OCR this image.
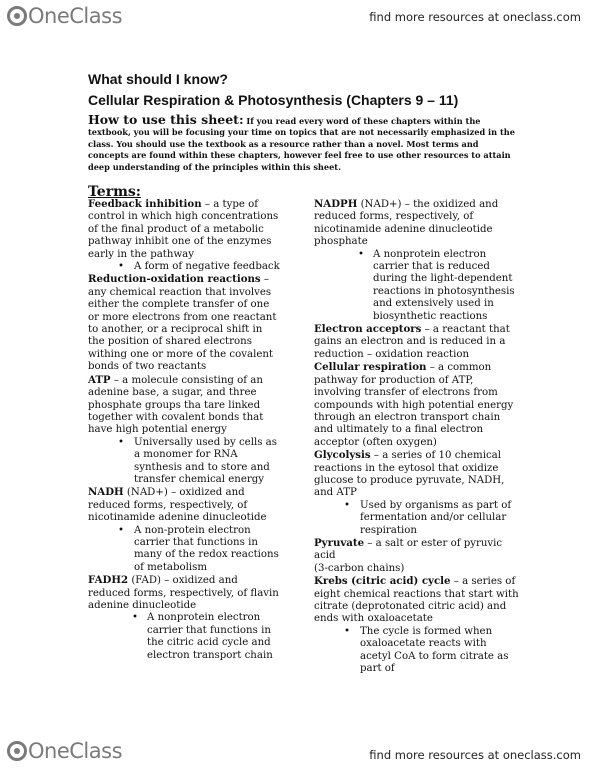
OneClass	find more resources at oneclass.com

What should I know?

Cellular Respiration & Photosynthesis (Chapters 9 – 11)

How to use this sheet: If you read every word of these chapters within the textbook, you will be focusing your time on topics that are not necessarily emphasized in the class. You should use the textbook as a resource rather than a novel. Most terms and concepts are found within these chapters, however feel free to use other resources to attain deep understanding of the principles within this sheet.

Terms:

Feedback inhibition – a type of control in which high concentrations of the final product of a metabolic pathway inhibit one of the enzymes early in the pathway

• A form of negative feedback

Reduction-oxidation reactions – any chemical reaction that involves either the complete transfer of one or more electrons from one reactant to another, or a reciprocal shift in the position of shared electrons withing one or more of the covalent bonds of two reactants

ATP – a molecule consisting of an adenine base, a sugar, and three phosphate groups tha tare linked together with covalent bonds that have high potential energy

• Universally used by cells as a monomer for RNA synthesis and to store and transfer chemical energy

NADH (NAD+) – oxidized and reduced forms, respectively, of nicotinamide adenine dinucleotide

• A non-protein electron carrier that functions in many of the redox reactions of metabolism

FADH2 (FAD) – oxidized and reduced forms, respectively, of flavin adenine dinucleotide

• A nonprotein electron carrier that functions in the citric acid cycle and electron transport chain

NADPH (NAD+) – the oxidized and reduced forms, respectively, of nicotinamide adenine dinucleotide phosphate

• A nonprotein electron carrier that is reduced during the light-dependent reactions in photosynthesis and extensively used in biosynthetic reactions

Electron acceptors – a reactant that gains an electron and is reduced in a reduction – oxidation reaction

Cellular respiration – a common pathway for production of ATP, involving transfer of electrons from compounds with high potential energy through an electron transport chain and ultimately to a final electron acceptor (often oxygen)

Glycolysis – a series of 10 chemical reactions in the eytosol that oxidize glucose to produce pyruvate, NADH, and ATP

• Used by organisms as part of fermentation and/or cellular respiration

Pyruvate – a salt or ester of pyruvic acid

(3-carbon chains)

Krebs (citric acid) cycle – a series of eight chemical reactions that start with citrate (deprotonated citric acid) and ends with oxaloacetate

• The cycle is formed when oxaloacetate reacts with acetyl CoA to form citrate as part of

OneClass	find more resources at oneclass.com
